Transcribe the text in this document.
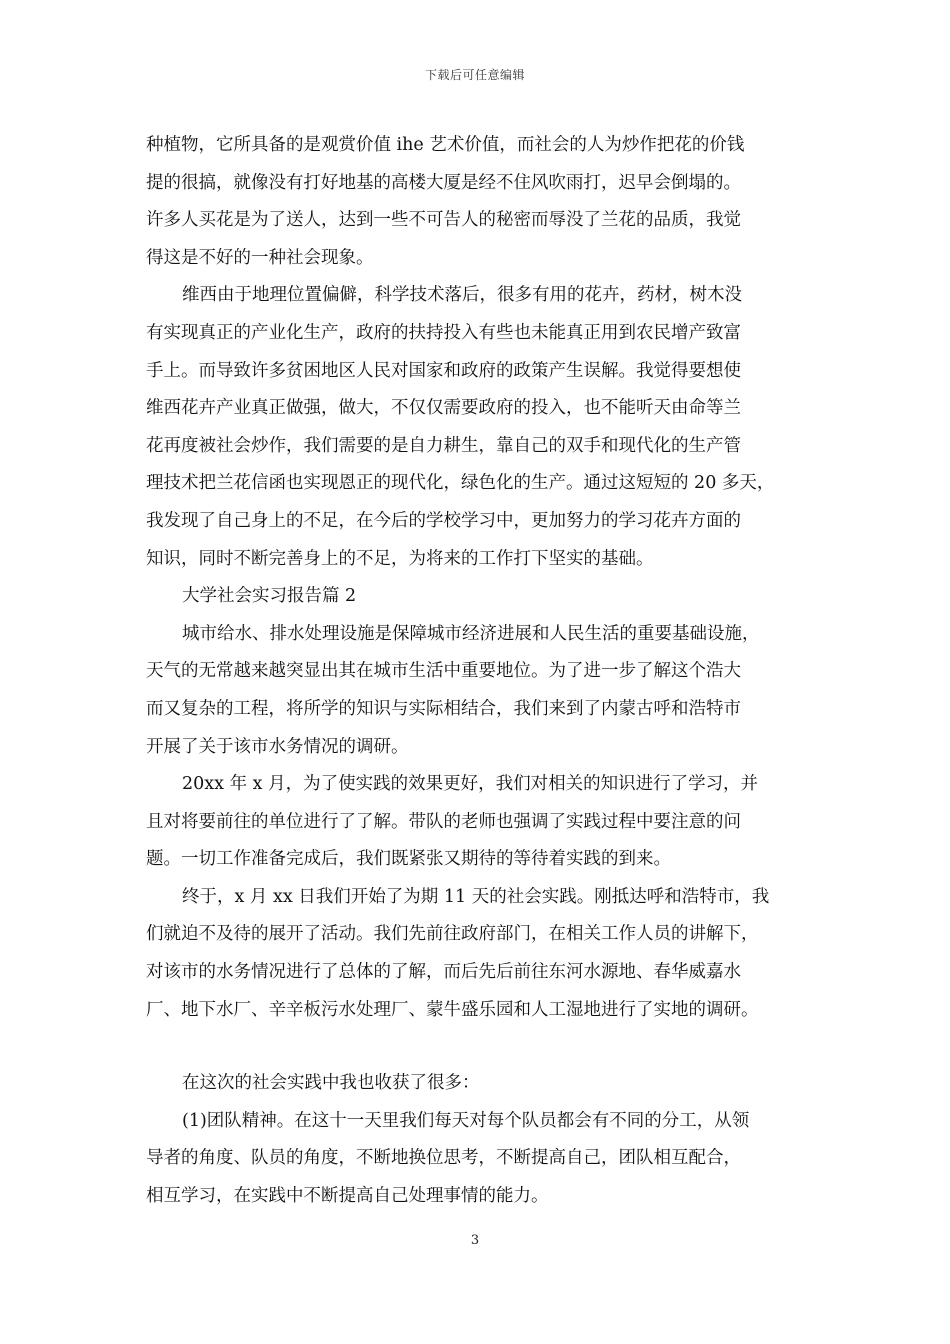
下载后可任意编辑
种植物，它所具备的是观赏价值 ihe 艺术价值，而社会的人为炒作把花的价钱
提的很搞，就像没有打好地基的高楼大厦是经不住风吹雨打，迟早会倒塌的。
许多人买花是为了送人，达到一些不可告人的秘密而辱没了兰花的品质，我觉
得这是不好的一种社会现象。
维西由于地理位置偏僻，科学技术落后，很多有用的花卉，药材，树木没
有实现真正的产业化生产，政府的扶持投入有些也未能真正用到农民增产致富
手上。而导致许多贫困地区人民对国家和政府的政策产生误解。我觉得要想使
维西花卉产业真正做强，做大，不仅仅需要政府的投入，也不能听天由命等兰
花再度被社会炒作，我们需要的是自力耕生，靠自己的双手和现代化的生产管
理技术把兰花信函也实现恩正的现代化，绿色化的生产。通过这短短的 20 多天，
我发现了自己身上的不足，在今后的学校学习中，更加努力的学习花卉方面的
知识，同时不断完善身上的不足，为将来的工作打下坚实的基础。
大学社会实习报告篇 2
城市给水、排水处理设施是保障城市经济进展和人民生活的重要基础设施，
天气的无常越来越突显出其在城市生活中重要地位。为了进一步了解这个浩大
而又复杂的工程，将所学的知识与实际相结合，我们来到了内蒙古呼和浩特市
开展了关于该市水务情况的调研。
20xx 年 x 月，为了使实践的效果更好，我们对相关的知识进行了学习，并
且对将要前往的单位进行了了解。带队的老师也强调了实践过程中要注意的问
题。一切工作准备完成后，我们既紧张又期待的等待着实践的到来。
终于，x 月 xx 日我们开始了为期 11 天的社会实践。刚抵达呼和浩特市，我
们就迫不及待的展开了活动。我们先前往政府部门，在相关工作人员的讲解下，
对该市的水务情况进行了总体的了解，而后先后前往东河水源地、春华威嘉水
厂、地下水厂、辛辛板污水处理厂、蒙牛盛乐园和人工湿地进行了实地的调研。
在这次的社会实践中我也收获了很多：
(1)团队精神。在这十一天里我们每天对每个队员都会有不同的分工，从领
导者的角度、队员的角度，不断地换位思考，不断提高自己，团队相互配合，
相互学习，在实践中不断提高自己处理事情的能力。
3
